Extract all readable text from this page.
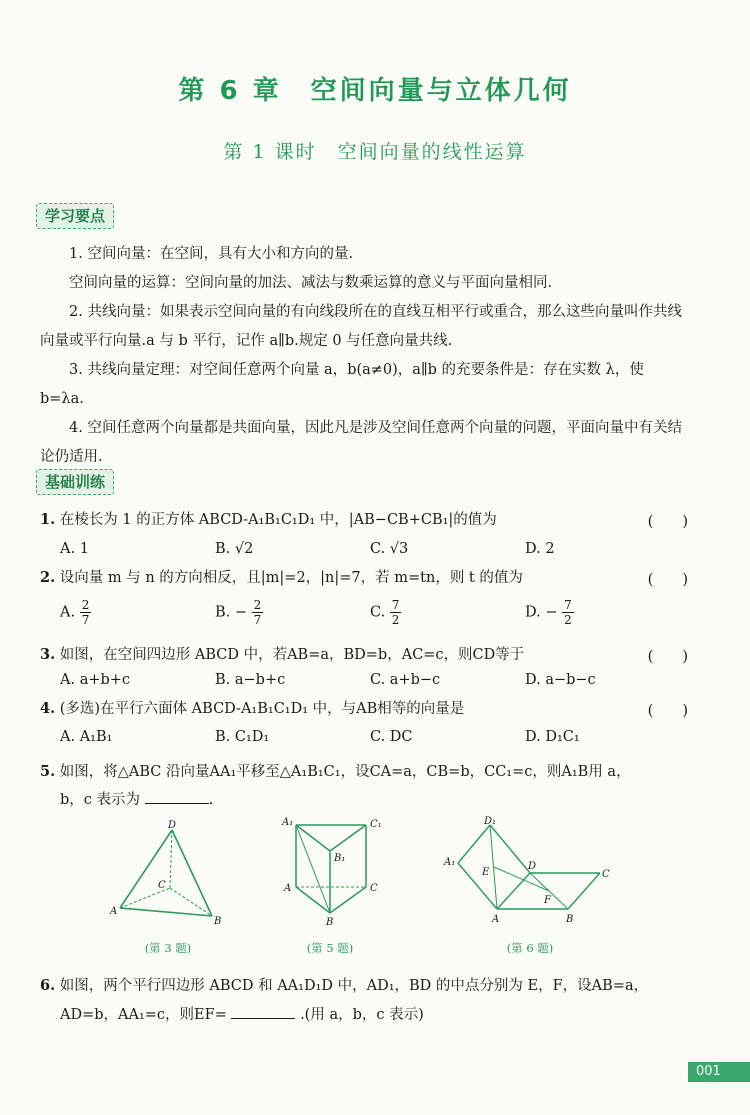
第 6 章　空间向量与立体几何
第 1 课时　空间向量的线性运算
学习要点
1. 空间向量：在空间，具有大小和方向的量.
空间向量的运算：空间向量的加法、减法与数乘运算的意义与平面向量相同.
2. 共线向量：如果表示空间向量的有向线段所在的直线互相平行或重合，那么这些向量叫作共线向量或平行向量.a 与 b 平行，记作 a∥b.规定 0 与任意向量共线.
3. 共线向量定理：对空间任意两个向量 a，b(a≠0)，a∥b 的充要条件是：存在实数 λ，使 b=λa.
4. 空间任意两个向量都是共面向量，因此凡是涉及空间任意两个向量的问题，平面向量中有关结论仍适用.
基础训练
1. 在棱长为 1 的正方体 ABCD-A₁B₁C₁D₁ 中，|AB−CB+CB₁|的值为	(　　)
A. 1	B. √2	C. √3	D. 2
2. 设向量 m 与 n 的方向相反，且|m|=2，|n|=7，若 m=tn，则 t 的值为	(　　)
A. $\frac{2}{7}$	B. − $\frac{2}{7}$	C. $\frac{7}{2}$	D. − $\frac{7}{2}$
3. 如图，在空间四边形 ABCD 中，若AB=a，BD=b，AC=c，则CD等于	(　　)
A. a+b+c	B. a−b+c	C. a+b−c	D. a−b−c
4. (多选)在平行六面体 ABCD-A₁B₁C₁D₁ 中，与AB相等的向量是	(　　)
A. A₁B₁	B. C₁D₁	C. DC	D. D₁C₁
5. 如图，将△ABC 沿向量AA₁平移至△A₁B₁C₁，设CA=a，CB=b，CC₁=c，则A₁B用 a，
b，c 表示为	.
D
A
B
C
(第 3 题)
A₁	C₁
B₁
A	C
B
(第 5 题)
D₁
A₁
E
D
C
F
A	B
(第 6 题)
6. 如图，两个平行四边形 ABCD 和 AA₁D₁D 中，AD₁，BD 的中点分别为 E，F，设AB=a，
AD=b，AA₁=c，则EF=	.(用 a，b，c 表示)
001
